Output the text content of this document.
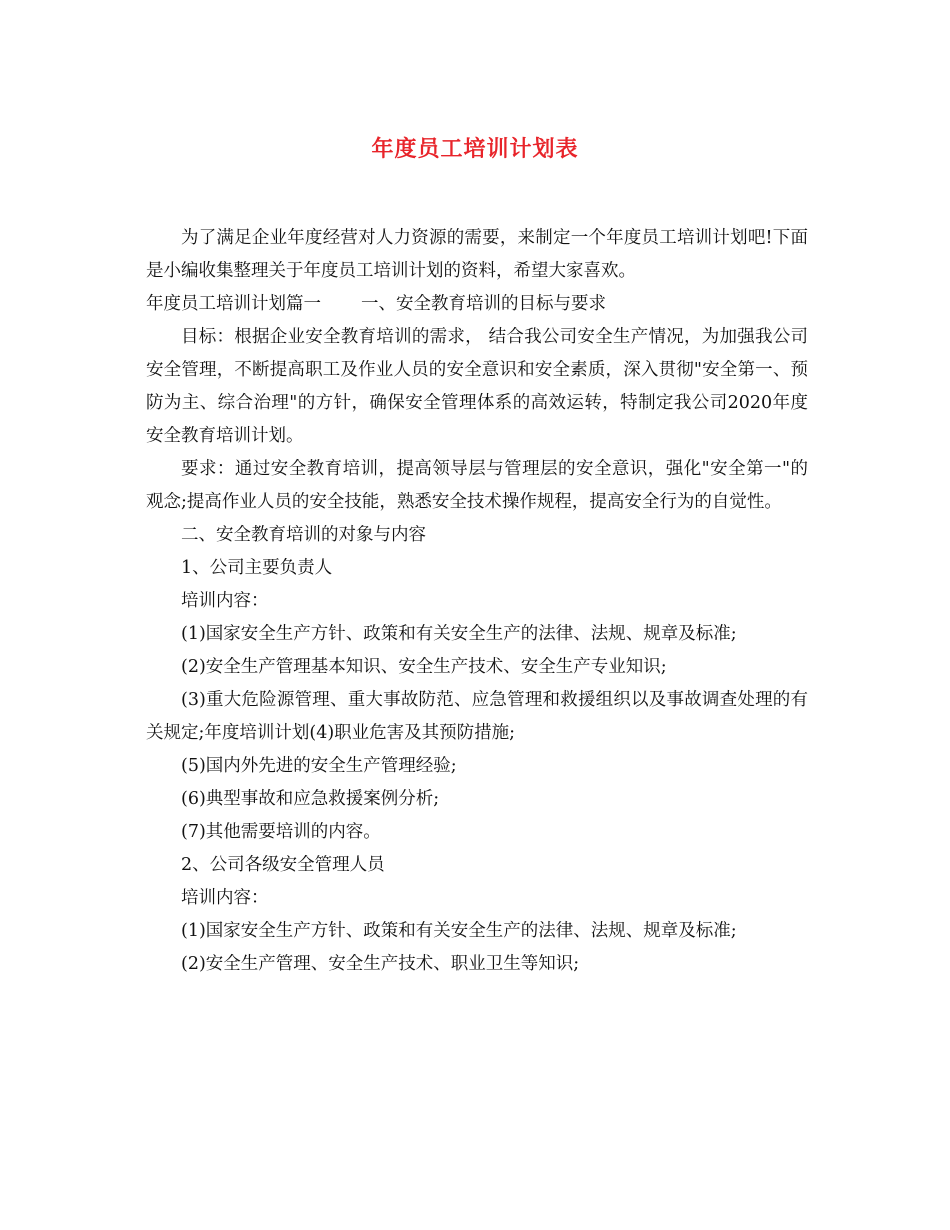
年度员工培训计划表

为了满足企业年度经营对人力资源的需要，来制定一个年度员工培训计划吧!下面是小编收集整理关于年度员工培训计划的资料，希望大家喜欢。

年度员工培训计划篇一 一、安全教育培训的目标与要求

目标：根据企业安全教育培训的需求， 结合我公司安全生产情况，为加强我公司安全管理，不断提高职工及作业人员的安全意识和安全素质，深入贯彻"安全第一、预防为主、综合治理"的方针，确保安全管理体系的高效运转，特制定我公司2020年度安全教育培训计划。

要求：通过安全教育培训，提高领导层与管理层的安全意识，强化"安全第一"的观念;提高作业人员的安全技能，熟悉安全技术操作规程，提高安全行为的自觉性。

二、安全教育培训的对象与内容

1、公司主要负责人

培训内容：

(1)国家安全生产方针、政策和有关安全生产的法律、法规、规章及标准;

(2)安全生产管理基本知识、安全生产技术、安全生产专业知识;

(3)重大危险源管理、重大事故防范、应急管理和救援组织以及事故调查处理的有关规定;年度培训计划(4)职业危害及其预防措施;

(5)国内外先进的安全生产管理经验;

(6)典型事故和应急救援案例分析;

(7)其他需要培训的内容。

2、公司各级安全管理人员

培训内容：

(1)国家安全生产方针、政策和有关安全生产的法律、法规、规章及标准;

(2)安全生产管理、安全生产技术、职业卫生等知识;
